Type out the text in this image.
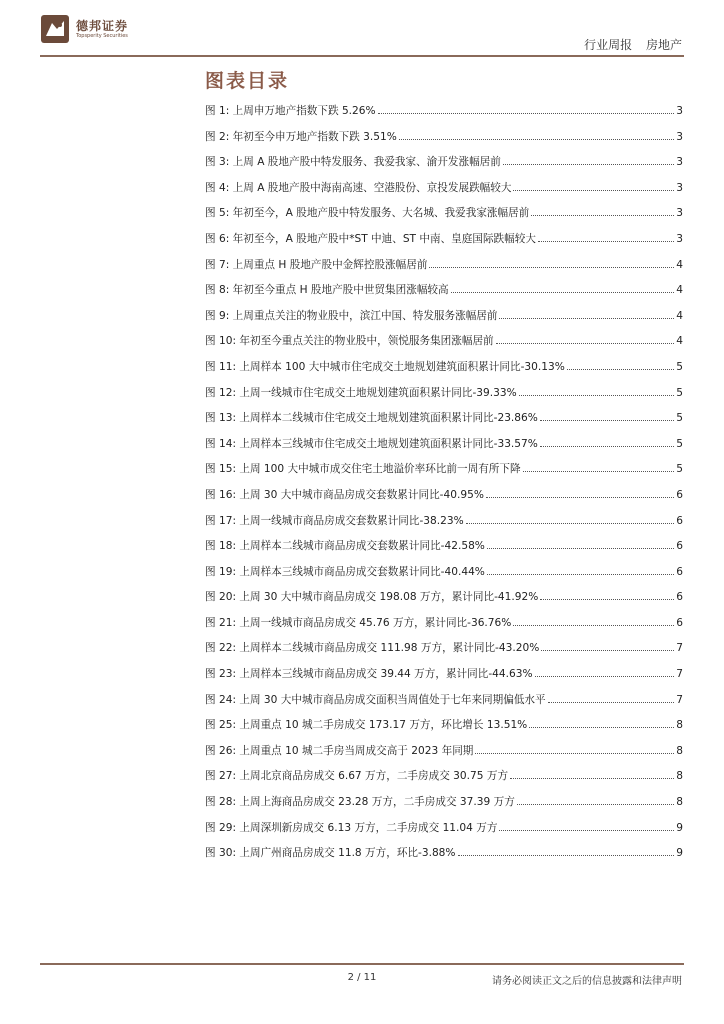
德邦证券
Topsperity Securities
行业周报 房地产
图表目录
图 1: 上周申万地产指数下跌 5.26%	3
图 2: 年初至今申万地产指数下跌 3.51%	3
图 3: 上周 A 股地产股中特发服务、我爱我家、渝开发涨幅居前	3
图 4: 上周 A 股地产股中海南高速、空港股份、京投发展跌幅较大	3
图 5: 年初至今，A 股地产股中特发服务、大名城、我爱我家涨幅居前	3
图 6: 年初至今，A 股地产股中*ST 中迪、ST 中南、皇庭国际跌幅较大	3
图 7: 上周重点 H 股地产股中金辉控股涨幅居前	4
图 8: 年初至今重点 H 股地产股中世贸集团涨幅较高	4
图 9: 上周重点关注的物业股中，滨江中国、特发服务涨幅居前	4
图 10: 年初至今重点关注的物业股中，领悦服务集团涨幅居前	4
图 11: 上周样本 100 大中城市住宅成交土地规划建筑面积累计同比-30.13%	5
图 12: 上周一线城市住宅成交土地规划建筑面积累计同比-39.33%	5
图 13: 上周样本二线城市住宅成交土地规划建筑面积累计同比-23.86%	5
图 14: 上周样本三线城市住宅成交土地规划建筑面积累计同比-33.57%	5
图 15: 上周 100 大中城市成交住宅土地溢价率环比前一周有所下降	5
图 16: 上周 30 大中城市商品房成交套数累计同比-40.95%	6
图 17: 上周一线城市商品房成交套数累计同比-38.23%	6
图 18: 上周样本二线城市商品房成交套数累计同比-42.58%	6
图 19: 上周样本三线城市商品房成交套数累计同比-40.44%	6
图 20: 上周 30 大中城市商品房成交 198.08 万方，累计同比-41.92%	6
图 21: 上周一线城市商品房成交 45.76 万方，累计同比-36.76%	6
图 22: 上周样本二线城市商品房成交 111.98 万方，累计同比-43.20%	7
图 23: 上周样本三线城市商品房成交 39.44 万方，累计同比-44.63%	7
图 24: 上周 30 大中城市商品房成交面积当周值处于七年来同期偏低水平	7
图 25: 上周重点 10 城二手房成交 173.17 万方，环比增长 13.51%	8
图 26: 上周重点 10 城二手房当周成交高于 2023 年同期	8
图 27: 上周北京商品房成交 6.67 万方，二手房成交 30.75 万方	8
图 28: 上周上海商品房成交 23.28 万方，二手房成交 37.39 万方	8
图 29: 上周深圳新房成交 6.13 万方，二手房成交 11.04 万方	9
图 30: 上周广州商品房成交 11.8 万方，环比-3.88%	9
2 / 11	请务必阅读正文之后的信息披露和法律声明
